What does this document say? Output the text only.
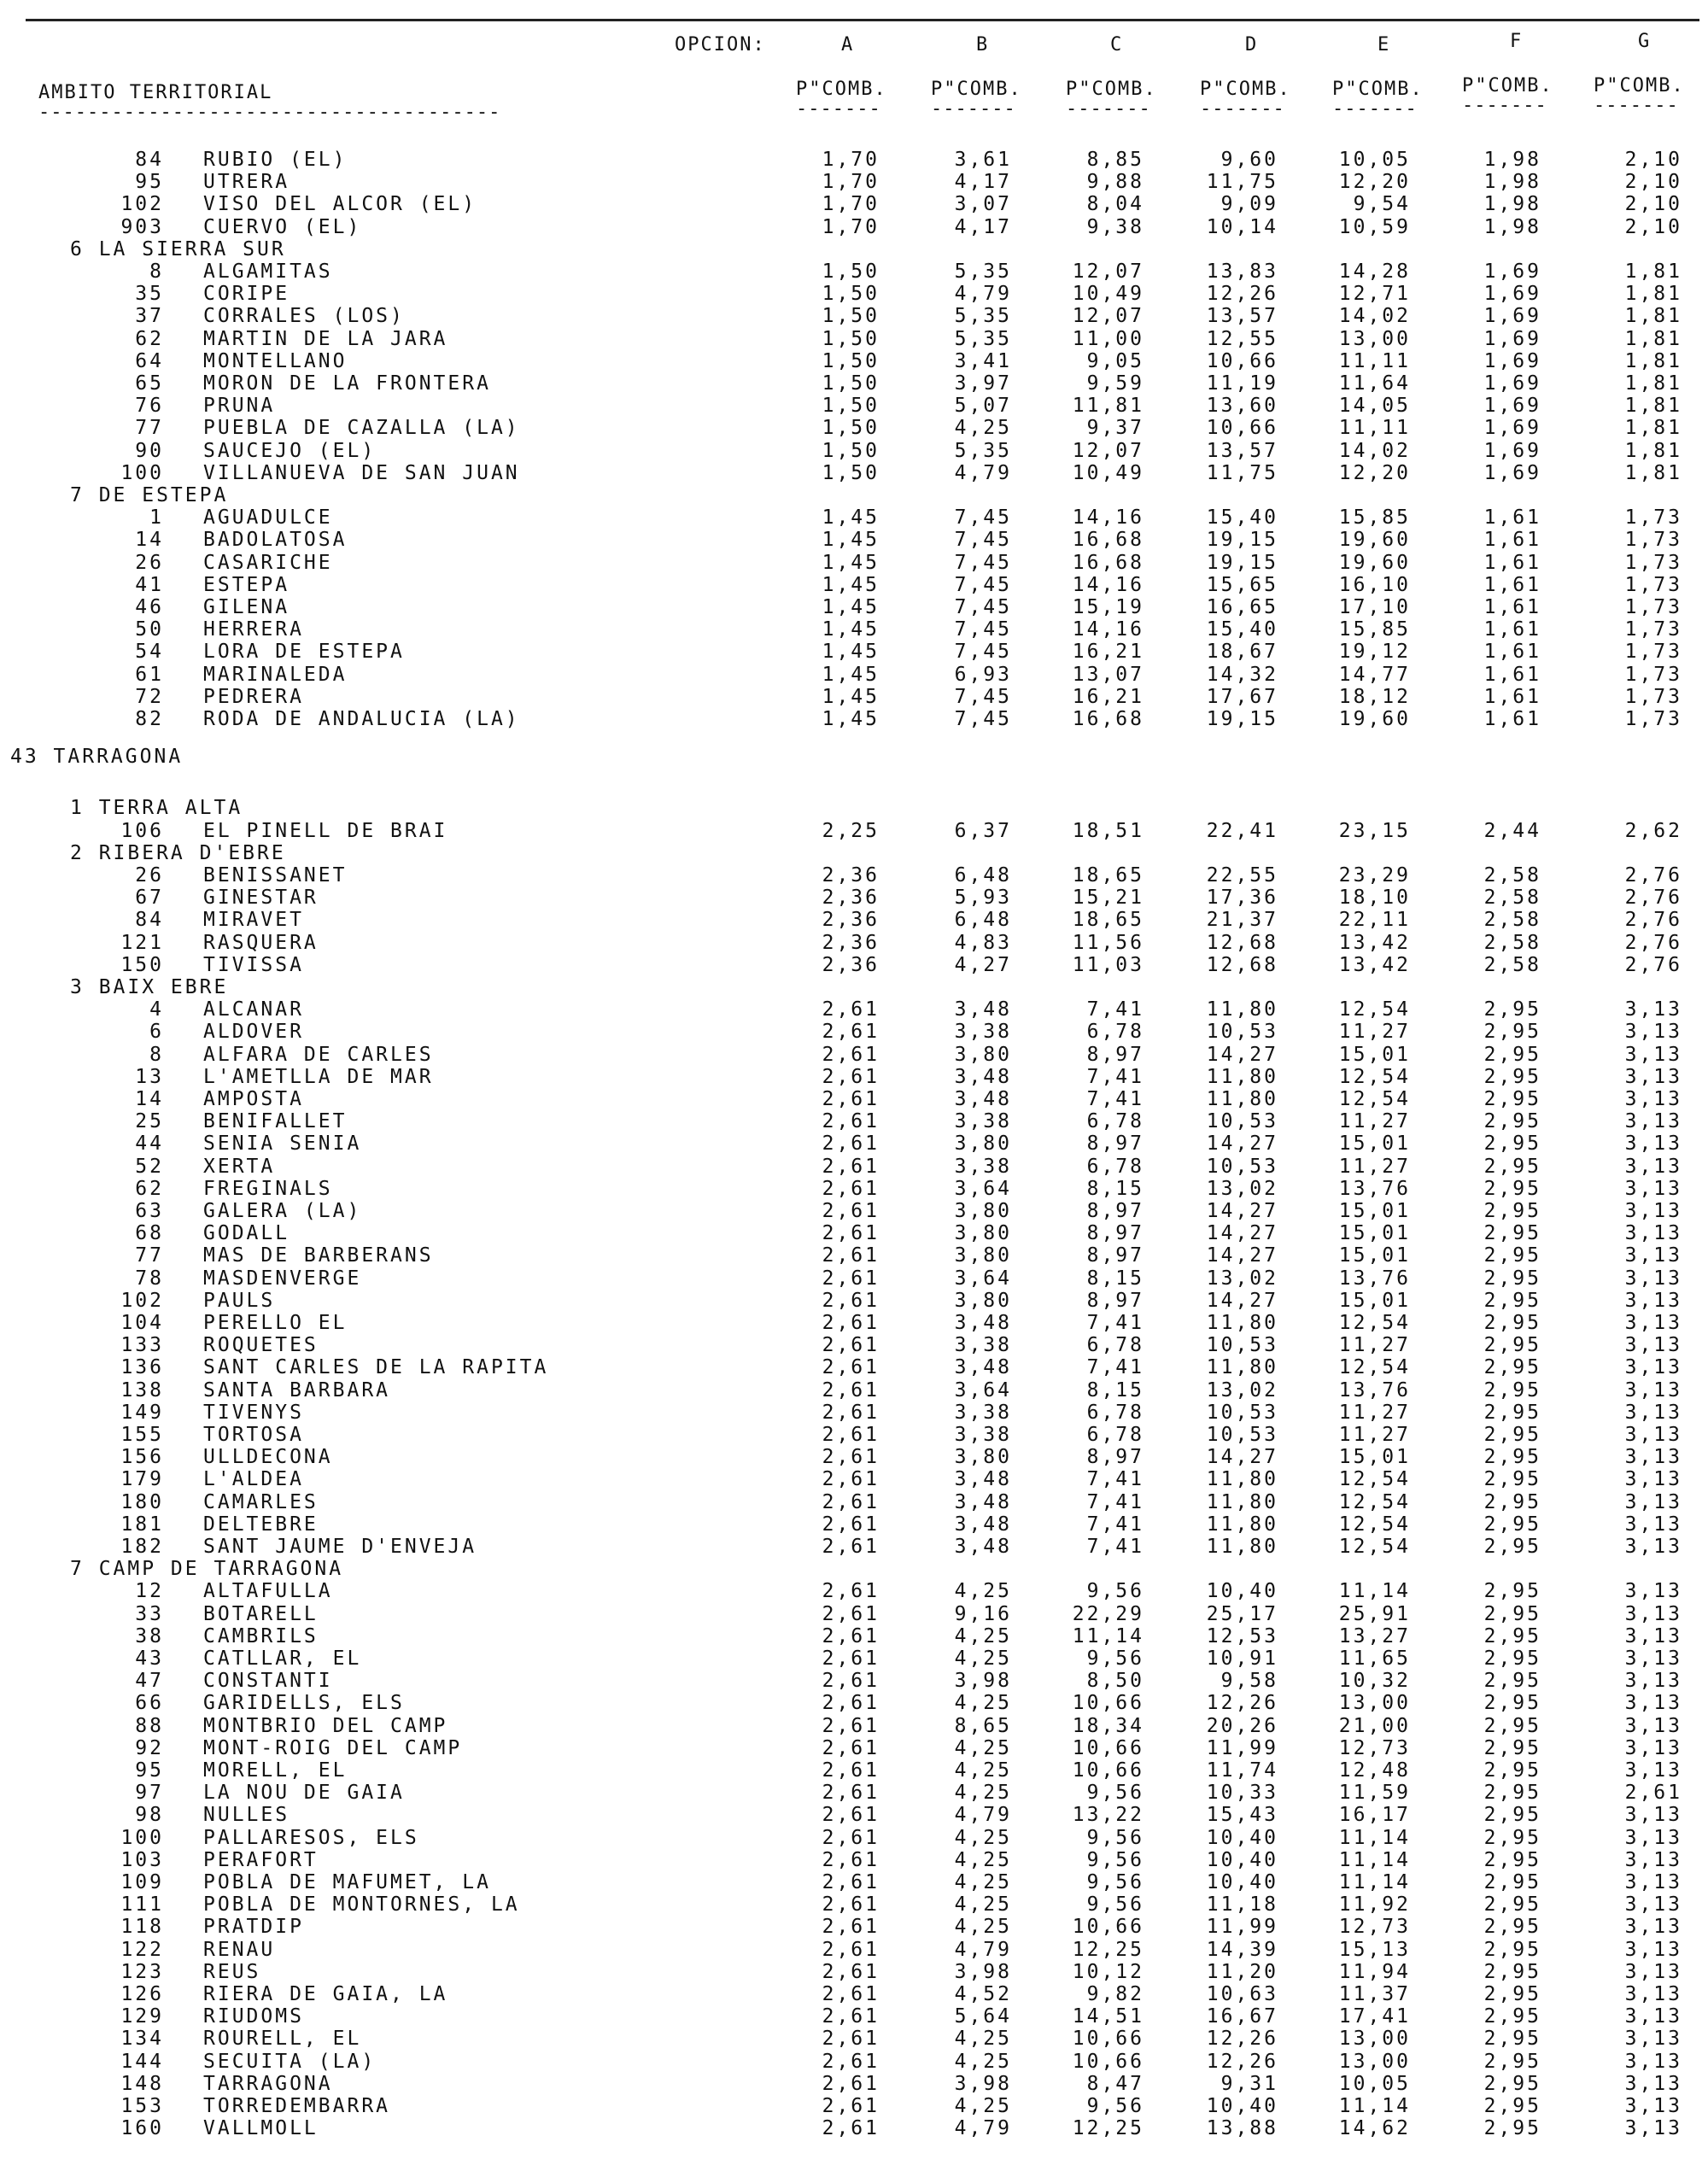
OPCION:	A	B	C	D	E	F	G
AMBITO TERRITORIAL
--------------------------------------
P"COMB. P"COMB. P"COMB. P"COMB. P"COMB. P"COMB. P"COMB.
-------	-------	-------	-------	------- ------- -------
84 RUBIO (EL)	1,70	3,61	8,85	9,60	10,05	1,98	2,10
95 UTRERA	1,70	4,17	9,88	11,75	12,20	1,98	2,10
102 VISO DEL ALCOR (EL)	1,70	3,07	8,04	9,09	9,54	1,98	2,10
903 CUERVO (EL)	1,70	4,17	9,38	10,14	10,59	1,98	2,10
6 LA SIERRA SUR
8 ALGAMITAS	1,50	5,35	12,07	13,83	14,28	1,69	1,81
35 CORIPE	1,50	4,79	10,49	12,26	12,71	1,69	1,81
37 CORRALES (LOS)	1,50	5,35	12,07	13,57	14,02	1,69	1,81
62 MARTIN DE LA JARA	1,50	5,35	11,00	12,55	13,00	1,69	1,81
64 MONTELLANO	1,50	3,41	9,05	10,66	11,11	1,69	1,81
65 MORON DE LA FRONTERA	1,50	3,97	9,59	11,19	11,64	1,69	1,81
76 PRUNA	1,50	5,07	11,81	13,60	14,05	1,69	1,81
77 PUEBLA DE CAZALLA (LA)	1,50	4,25	9,37	10,66	11,11	1,69	1,81
90 SAUCEJO (EL)	1,50	5,35	12,07	13,57	14,02	1,69	1,81
100 VILLANUEVA DE SAN JUAN	1,50	4,79	10,49	11,75	12,20	1,69	1,81
7 DE ESTEPA
1 AGUADULCE	1,45	7,45	14,16	15,40	15,85	1,61	1,73
14 BADOLATOSA	1,45	7,45	16,68	19,15	19,60	1,61	1,73
26 CASARICHE	1,45	7,45	16,68	19,15	19,60	1,61	1,73
41 ESTEPA	1,45	7,45	14,16	15,65	16,10	1,61	1,73
46 GILENA	1,45	7,45	15,19	16,65	17,10	1,61	1,73
50 HERRERA	1,45	7,45	14,16	15,40	15,85	1,61	1,73
54 LORA DE ESTEPA	1,45	7,45	16,21	18,67	19,12	1,61	1,73
61 MARINALEDA	1,45	6,93	13,07	14,32	14,77	1,61	1,73
72 PEDRERA	1,45	7,45	16,21	17,67	18,12	1,61	1,73
82 RODA DE ANDALUCIA (LA)	1,45	7,45	16,68	19,15	19,60	1,61	1,73
43 TARRAGONA
1 TERRA ALTA
106 EL PINELL DE BRAI	2,25	6,37	18,51	22,41	23,15	2,44	2,62
2 RIBERA D'EBRE
26 BENISSANET	2,36	6,48	18,65	22,55	23,29	2,58	2,76
67 GINESTAR	2,36	5,93	15,21	17,36	18,10	2,58	2,76
84 MIRAVET	2,36	6,48	18,65	21,37	22,11	2,58	2,76
121 RASQUERA	2,36	4,83	11,56	12,68	13,42	2,58	2,76
150 TIVISSA	2,36	4,27	11,03	12,68	13,42	2,58	2,76
3 BAIX EBRE
4 ALCANAR	2,61	3,48	7,41	11,80	12,54	2,95	3,13
6 ALDOVER	2,61	3,38	6,78	10,53	11,27	2,95	3,13
8 ALFARA DE CARLES	2,61	3,80	8,97	14,27	15,01	2,95	3,13
13 L'AMETLLA DE MAR	2,61	3,48	7,41	11,80	12,54	2,95	3,13
14 AMPOSTA	2,61	3,48	7,41	11,80	12,54	2,95	3,13
25 BENIFALLET	2,61	3,38	6,78	10,53	11,27	2,95	3,13
44 SENIA SENIA	2,61	3,80	8,97	14,27	15,01	2,95	3,13
52 XERTA	2,61	3,38	6,78	10,53	11,27	2,95	3,13
62 FREGINALS	2,61	3,64	8,15	13,02	13,76	2,95	3,13
63 GALERA (LA)	2,61	3,80	8,97	14,27	15,01	2,95	3,13
68 GODALL	2,61	3,80	8,97	14,27	15,01	2,95	3,13
77 MAS DE BARBERANS	2,61	3,80	8,97	14,27	15,01	2,95	3,13
78 MASDENVERGE	2,61	3,64	8,15	13,02	13,76	2,95	3,13
102 PAULS	2,61	3,80	8,97	14,27	15,01	2,95	3,13
104 PERELLO EL	2,61	3,48	7,41	11,80	12,54	2,95	3,13
133 ROQUETES	2,61	3,38	6,78	10,53	11,27	2,95	3,13
136 SANT CARLES DE LA RAPITA	2,61	3,48	7,41	11,80	12,54	2,95	3,13
138 SANTA BARBARA	2,61	3,64	8,15	13,02	13,76	2,95	3,13
149 TIVENYS	2,61	3,38	6,78	10,53	11,27	2,95	3,13
155 TORTOSA	2,61	3,38	6,78	10,53	11,27	2,95	3,13
156 ULLDECONA	2,61	3,80	8,97	14,27	15,01	2,95	3,13
179 L'ALDEA	2,61	3,48	7,41	11,80	12,54	2,95	3,13
180 CAMARLES	2,61	3,48	7,41	11,80	12,54	2,95	3,13
181 DELTEBRE	2,61	3,48	7,41	11,80	12,54	2,95	3,13
182 SANT JAUME D'ENVEJA	2,61	3,48	7,41	11,80	12,54	2,95	3,13
7 CAMP DE TARRAGONA
12 ALTAFULLA	2,61	4,25	9,56	10,40	11,14	2,95	3,13
33 BOTARELL	2,61	9,16	22,29	25,17	25,91	2,95	3,13
38 CAMBRILS	2,61	4,25	11,14	12,53	13,27	2,95	3,13
43 CATLLAR, EL	2,61	4,25	9,56	10,91	11,65	2,95	3,13
47 CONSTANTI	2,61	3,98	8,50	9,58	10,32	2,95	3,13
66 GARIDELLS, ELS	2,61	4,25	10,66	12,26	13,00	2,95	3,13
88 MONTBRIO DEL CAMP	2,61	8,65	18,34	20,26	21,00	2,95	3,13
92 MONT-ROIG DEL CAMP	2,61	4,25	10,66	11,99	12,73	2,95	3,13
95 MORELL, EL	2,61	4,25	10,66	11,74	12,48	2,95	3,13
97 LA NOU DE GAIA	2,61	4,25	9,56	10,33	11,59	2,95	2,61
98 NULLES	2,61	4,79	13,22	15,43	16,17	2,95	3,13
100 PALLARESOS, ELS	2,61	4,25	9,56	10,40	11,14	2,95	3,13
103 PERAFORT	2,61	4,25	9,56	10,40	11,14	2,95	3,13
109 POBLA DE MAFUMET, LA	2,61	4,25	9,56	10,40	11,14	2,95	3,13
111 POBLA DE MONTORNES, LA	2,61	4,25	9,56	11,18	11,92	2,95	3,13
118 PRATDIP	2,61	4,25	10,66	11,99	12,73	2,95	3,13
122 RENAU	2,61	4,79	12,25	14,39	15,13	2,95	3,13
123 REUS	2,61	3,98	10,12	11,20	11,94	2,95	3,13
126 RIERA DE GAIA, LA	2,61	4,52	9,82	10,63	11,37	2,95	3,13
129 RIUDOMS	2,61	5,64	14,51	16,67	17,41	2,95	3,13
134 ROURELL, EL	2,61	4,25	10,66	12,26	13,00	2,95	3,13
144 SECUITA (LA)	2,61	4,25	10,66	12,26	13,00	2,95	3,13
148 TARRAGONA	2,61	3,98	8,47	9,31	10,05	2,95	3,13
153 TORREDEMBARRA	2,61	4,25	9,56	10,40	11,14	2,95	3,13
160 VALLMOLL	2,61	4,79	12,25	13,88	14,62	2,95	3,13
